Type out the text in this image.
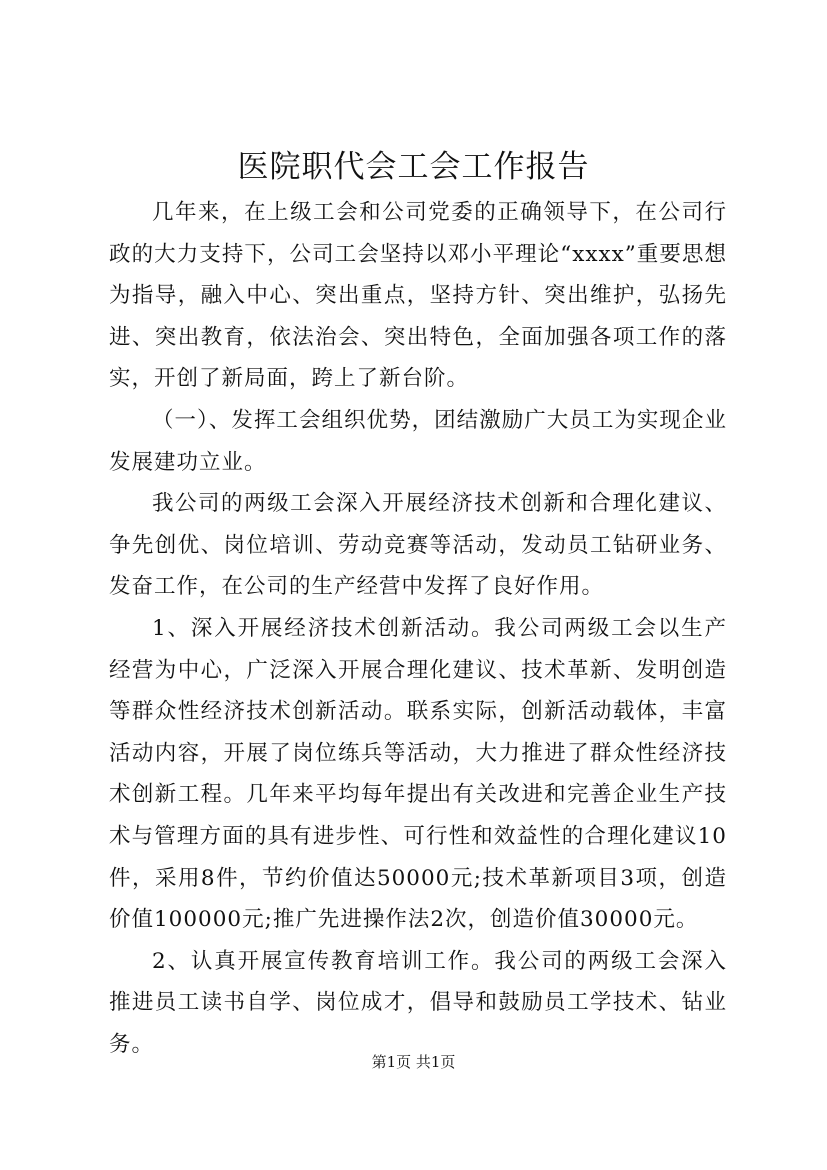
医院职代会工会工作报告

几年来，在上级工会和公司党委的正确领导下，在公司行政的大力支持下，公司工会坚持以邓小平理论“xxxx”重要思想为指导，融入中心、突出重点，坚持方针、突出维护，弘扬先进、突出教育，依法治会、突出特色，全面加强各项工作的落实，开创了新局面，跨上了新台阶。

（一）、发挥工会组织优势，团结激励广大员工为实现企业发展建功立业。

我公司的两级工会深入开展经济技术创新和合理化建议、争先创优、岗位培训、劳动竞赛等活动，发动员工钻研业务、发奋工作，在公司的生产经营中发挥了良好作用。

1、深入开展经济技术创新活动。我公司两级工会以生产经营为中心，广泛深入开展合理化建议、技术革新、发明创造等群众性经济技术创新活动。联系实际，创新活动载体，丰富活动内容，开展了岗位练兵等活动，大力推进了群众性经济技术创新工程。几年来平均每年提出有关改进和完善企业生产技术与管理方面的具有进步性、可行性和效益性的合理化建议10件，采用8件，节约价值达50000元;技术革新项目3项，创造价值100000元;推广先进操作法2次，创造价值30000元。

2、认真开展宣传教育培训工作。我公司的两级工会深入推进员工读书自学、岗位成才，倡导和鼓励员工学技术、钻业务。

第1页 共1页
